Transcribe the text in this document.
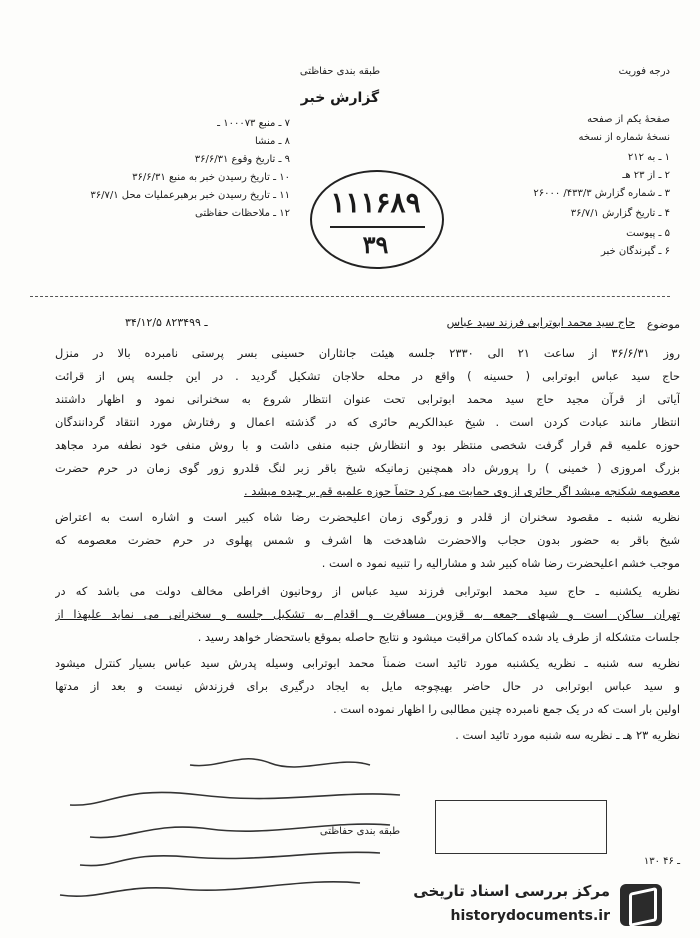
طبقه بندی حفاظتی
گزارش خبر
درجه فوریت
۷ ـ منبع ۱۰۰۰۷۳ ـ
۸ ـ منشا
۹ ـ تاریخ وقوع ۳۶/۶/۳۱
۱۰ ـ تاریخ رسیدن خبر به منبع ۳۶/۶/۳۱
۱۱ ـ تاریخ رسیدن خبر برهبرعملیات محل ۳۶/۷/۱
۱۲ ـ ملاحظات حفاظتی
صفحهٔ یکم از صفحه
نسخهٔ شماره از نسخه
۱ ـ به ۲۱۲
۲ ـ از ۲۳ هـ
۳ ـ شماره گزارش ۴۳۳/۳/ ۲۶۰۰۰
۴ ـ تاریخ گزارش ۳۶/۷/۱
۵ ـ پیوست
۶ ـ گیرندگان خبر
۱۱۱۶۸۹
۳۹
موضوع
حاج سید محمد ابوترابی فرزند سید عباس
۳۴/۱۲/۵ ـ ۸۲۳۴۹۹
روز ۳۶/۶/۳۱ از ساعت ۲۱ الی ۲۳۳۰ جلسه هیئت جانثاران حسینی بسر پرستی نامبرده بالا در منزل
حاج سید عباس ابوترابی ( حسینه ) واقع در محله حلاجان تشکیل گردید . در این جلسه پس از قرائت
آیاتی از قرآن مجید حاج سید محمد ابوترابی تحت عنوان انتظار شروع به سخنرانی نمود و اظهار داشتند
انتظار مانند عبادت کردن است . شیخ عبدالکریم حائری که در گذشته اعمال و رفتارش مورد انتقاد گردانندگان
حوزه علمیه قم قرار گرفت شخصی منتظر بود و انتظارش جنبه منفی داشت و با روش منفی خود نطفه مرد مجاهد
بزرگ امروزی ( خمینی ) را پرورش داد همچنین زمانیکه شیخ باقر زبر لنگ قلدرو زور گوی زمان در حرم حضرت
معصومه شکنجه میشد اگر حائری از وی حمایت می کرد حتماً حوزه علمیه قم بر چیده میشد .
نظریه شنبه ـ مقصود سخنران از قلدر و زورگوی زمان اعلیحضرت رضا شاه کبیر است و اشاره است به اعتراض
شیخ باقر به حضور بدون حجاب والاحضرت شاهدخت ها اشرف و شمس پهلوی در حرم حضرت معصومه که
موجب خشم اعلیحضرت رضا شاه کبیر شد و مشارالیه را تنبیه نمود ه است .
نظریه یکشنبه ـ حاج سید محمد ابوترابی فرزند سید عباس از روحانیون افراطی مخالف دولت می باشد که در
تهران ساکن است و شبهای جمعه به قزوین مسافرت و اقدام به تشکیل جلسه و سخنرانی می نماید علیهذا از
جلسات متشکله از طرف یاد شده کماکان مراقبت میشود و نتایج حاصله بموقع باستحضار خواهد رسید .
نظریه سه شنبه ـ نظریه یکشنبه مورد تائید است ضمناً محمد ابوترابی وسیله پدرش سید عباس بسیار کنترل میشود
و سید عباس ابوترابی در حال حاضر بهیچوجه مایل به ایجاد درگیری برای فرزندش نیست و بعد از مدتها
اولین بار است که در یک جمع نامبرده چنین مطالبی را اظهار نموده است .
نظریه ۲۳ هـ ـ نظریه سه شنبه مورد تائید است .
طبقه بندی حفاظتی
۱۳۰ ـ ۴۶
مرکز بررسی اسناد تاریخی
historydocuments.ir
